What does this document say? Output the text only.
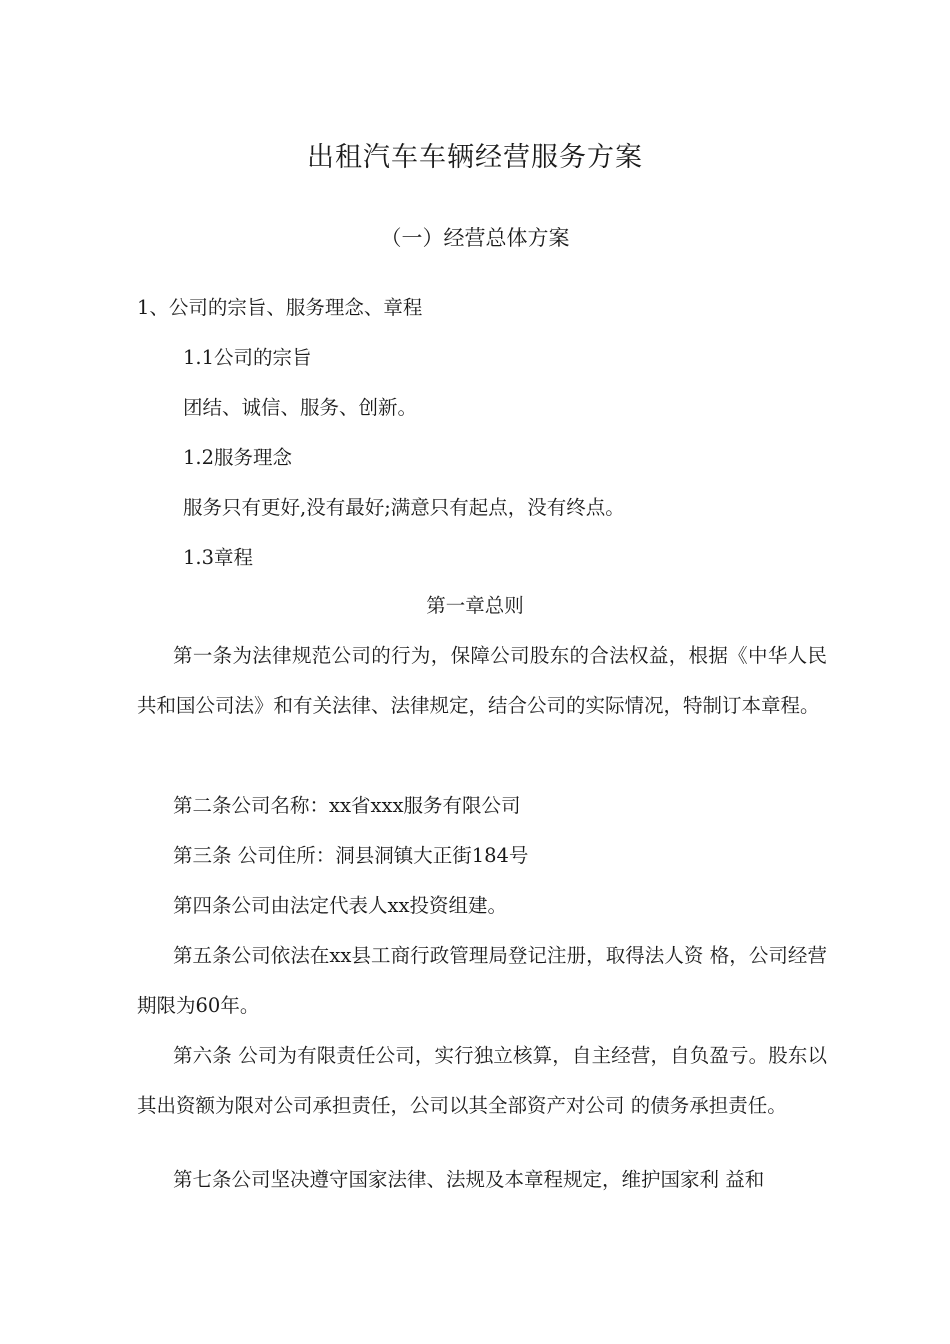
出租汽车车辆经营服务方案
（一）经营总体方案
1、公司的宗旨、服务理念、章程
1.1公司的宗旨
团结、诚信、服务、创新。
1.2服务理念
服务只有更好,没有最好;满意只有起点，没有终点。
1.3章程
第一章总则
第一条为法律规范公司的行为，保障公司股东的合法权益，根据《中华人民共和国公司法》和有关法律、法律规定，结合公司的实际情况，特制订本章程。
第二条公司名称：xx省xxx服务有限公司
第三条 公司住所：洞县洞镇大正街184号
第四条公司由法定代表人xx投资组建。
第五条公司依法在xx县工商行政管理局登记注册，取得法人资 格，公司经营期限为60年。
第六条 公司为有限责任公司，实行独立核算，自主经营，自负盈亏。股东以其出资额为限对公司承担责任，公司以其全部资产对公司 的债务承担责任。
第七条公司坚决遵守国家法律、法规及本章程规定，维护国家利 益和
